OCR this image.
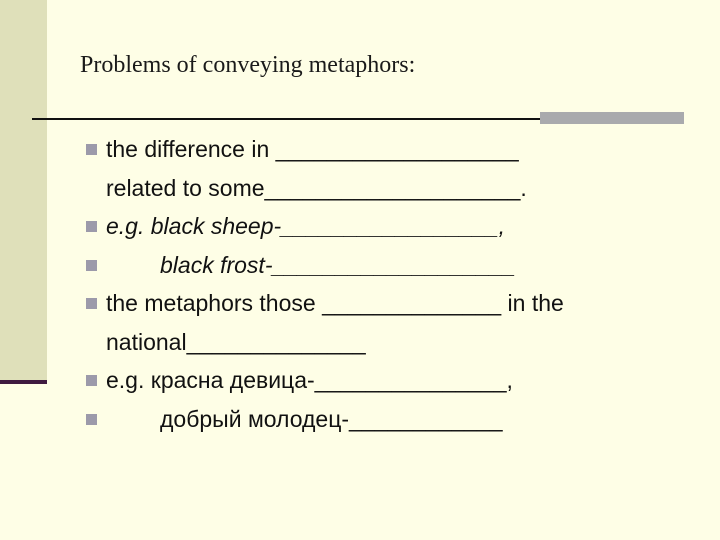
Problems of conveying metaphors:
the difference in ___________________
related to some____________________.
e.g. black sheep-_________________,
black frost-___________________
the metaphors those ______________ in the
national______________
e.g. красна девица-_______________,
добрый молодец-____________
